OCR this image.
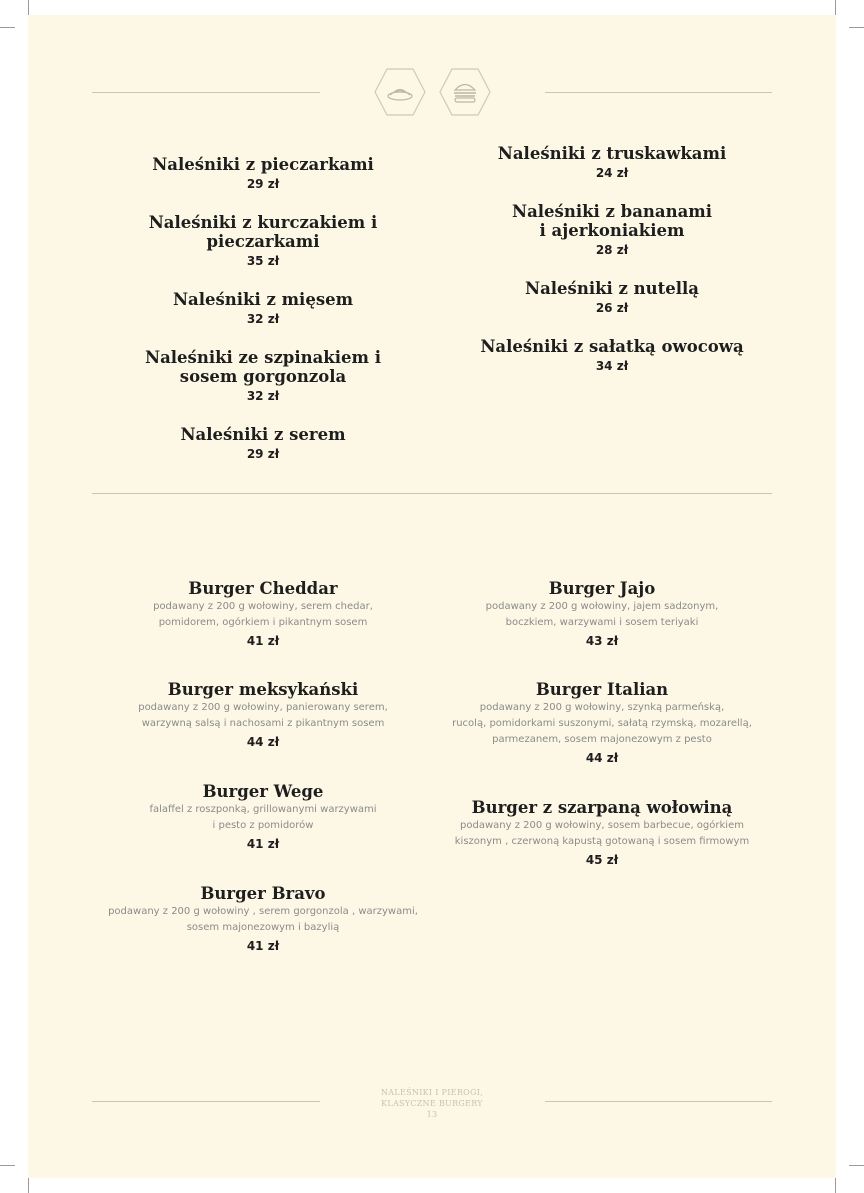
Naleśniki z pieczarkami
29 zł
Naleśniki z kurczakiem i pieczarkami
35 zł
Naleśniki z mięsem
32 zł
Naleśniki ze szpinakiem i sosem gorgonzola
32 zł
Naleśniki z serem
29 zł
Naleśniki z truskawkami
24 zł
Naleśniki z bananami i ajerkoniakiem
28 zł
Naleśniki z nutellą
26 zł
Naleśniki z sałatką owocową
34 zł
Burger Cheddar
podawany z 200 g wołowiny, serem chedar,
pomidorem, ogórkiem i pikantnym sosem
41 zł
Burger meksykański
podawany z 200 g wołowiny, panierowany serem,
warzywną salsą i nachosami z pikantnym sosem
44 zł
Burger Wege
falaffel z roszponką, grillowanymi warzywami
i pesto z pomidorów
41 zł
Burger Bravo
podawany z 200 g wołowiny , serem gorgonzola , warzywami,
sosem majonezowym i bazylią
41 zł
Burger Jajo
podawany z 200 g wołowiny, jajem sadzonym,
boczkiem, warzywami i sosem teriyaki
43 zł
Burger Italian
podawany z 200 g wołowiny, szynką parmeńską,
rucolą, pomidorkami suszonymi, sałatą rzymską, mozarellą,
parmezanem, sosem majonezowym z pesto
44 zł
Burger z szarpaną wołowiną
podawany z 200 g wołowiny, sosem barbecue, ogórkiem
kiszonym , czerwoną kapustą gotowaną i sosem firmowym
45 zł
NALEŚNIKI I PIEROGI,
KLASYCZNE BURGERY
13
